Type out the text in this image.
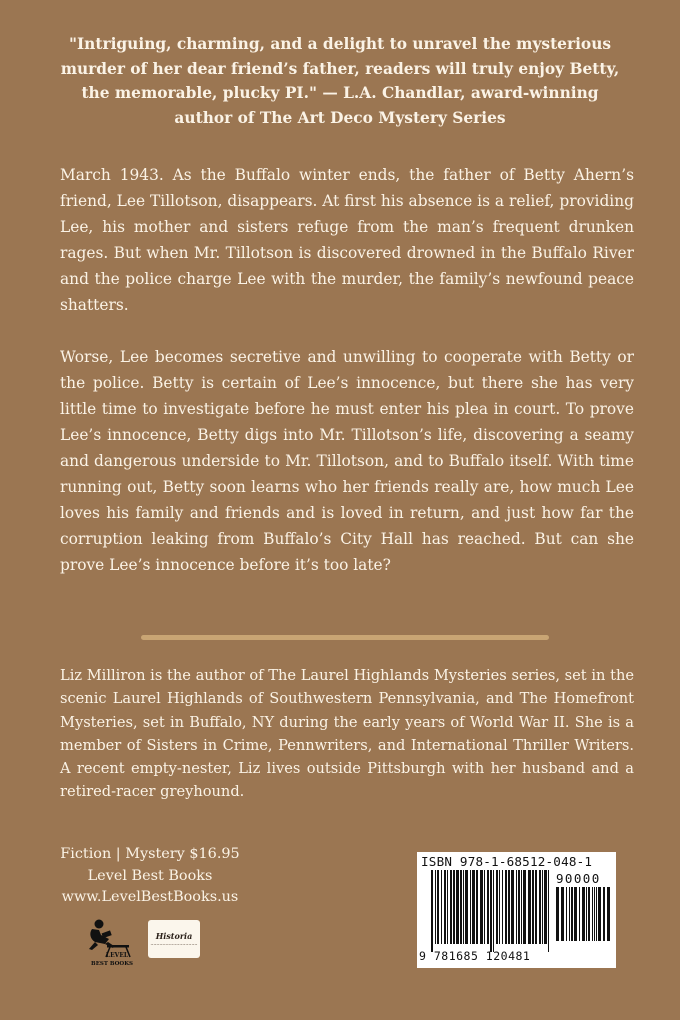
"Intriguing, charming, and a delight to unravel the mysterious murder of her dear friend’s father, readers will truly enjoy Betty, the memorable, plucky PI." — L.A. Chandlar, award-winning author of The Art Deco Mystery Series

March 1943. As the Buffalo winter ends, the father of Betty Ahern’s friend, Lee Tillotson, disappears. At first his absence is a relief, providing Lee, his mother and sisters refuge from the man’s frequent drunken rages. But when Mr. Tillotson is discovered drowned in the Buffalo River and the police charge Lee with the murder, the family’s newfound peace shatters.

Worse, Lee becomes secretive and unwilling to cooperate with Betty or the police. Betty is certain of Lee’s innocence, but there she has very little time to investigate before he must enter his plea in court. To prove Lee’s innocence, Betty digs into Mr. Tillotson’s life, discovering a seamy and dangerous underside to Mr. Tillotson, and to Buffalo itself. With time running out, Betty soon learns who her friends really are, how much Lee loves his family and friends and is loved in return, and just how far the corruption leaking from Buffalo’s City Hall has reached. But can she prove Lee’s innocence before it’s too late?

Liz Milliron is the author of The Laurel Highlands Mysteries series, set in the scenic Laurel Highlands of Southwestern Pennsylvania, and The Homefront Mysteries, set in Buffalo, NY during the early years of World War II. She is a member of Sisters in Crime, Pennwriters, and International Thriller Writers. A recent empty-nester, Liz lives outside Pittsburgh with her husband and a retired-racer greyhound.

Fiction | Mystery $16.95
Level Best Books
www.LevelBestBooks.us
LEVEL
BEST BOOKS
Historia
~~~~~~~~~~~~~~~~
ISBN 978-1-68512-048-1
90000
9 781685 120481
